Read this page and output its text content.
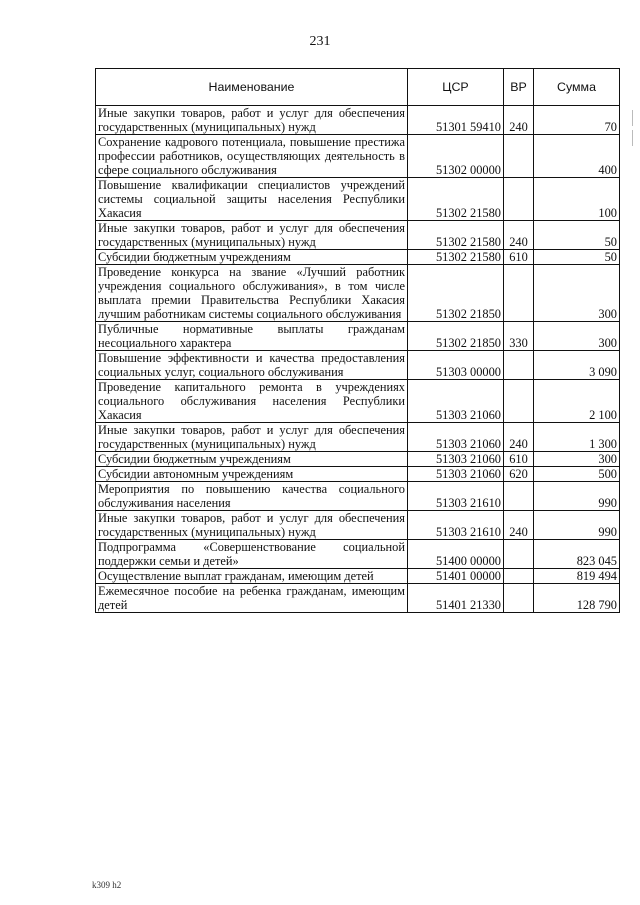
231
Наименование	ЦСР	ВР	Сумма
Иные закупки товаров, работ и услуг для обеспечения государственных (муниципальных) нужд	51301 59410	240	70
Сохранение кадрового потенциала, повышение престижа профессии работников, осуществляющих деятельность в сфере социального обслуживания	51302 00000		400
Повышение квалификации специалистов учреждений системы социальной защиты населения Республики Хакасия	51302 21580		100
Иные закупки товаров, работ и услуг для обеспечения государственных (муниципальных) нужд	51302 21580	240	50
Субсидии бюджетным учреждениям	51302 21580	610	50
Проведение конкурса на звание «Лучший работник учреждения социального обслуживания», в том числе выплата премии Правительства Республики Хакасия лучшим работникам системы социального обслуживания	51302 21850		300
Публичные нормативные выплаты гражданам несоциального характера	51302 21850	330	300
Повышение эффективности и качества предоставления социальных услуг, социального обслуживания	51303 00000		3 090
Проведение капитального ремонта в учреждениях социального обслуживания населения Республики Хакасия	51303 21060		2 100
Иные закупки товаров, работ и услуг для обеспечения государственных (муниципальных) нужд	51303 21060	240	1 300
Субсидии бюджетным учреждениям	51303 21060	610	300
Субсидии автономным учреждениям	51303 21060	620	500
Мероприятия по повышению качества социального обслуживания населения	51303 21610		990
Иные закупки товаров, работ и услуг для обеспечения государственных (муниципальных) нужд	51303 21610	240	990
Подпрограмма «Совершенствование социальной поддержки семьи и детей»	51400 00000		823 045
Осуществление выплат гражданам, имеющим детей	51401 00000		819 494
Ежемесячное пособие на ребенка гражданам, имеющим детей	51401 21330		128 790
k309 h2
